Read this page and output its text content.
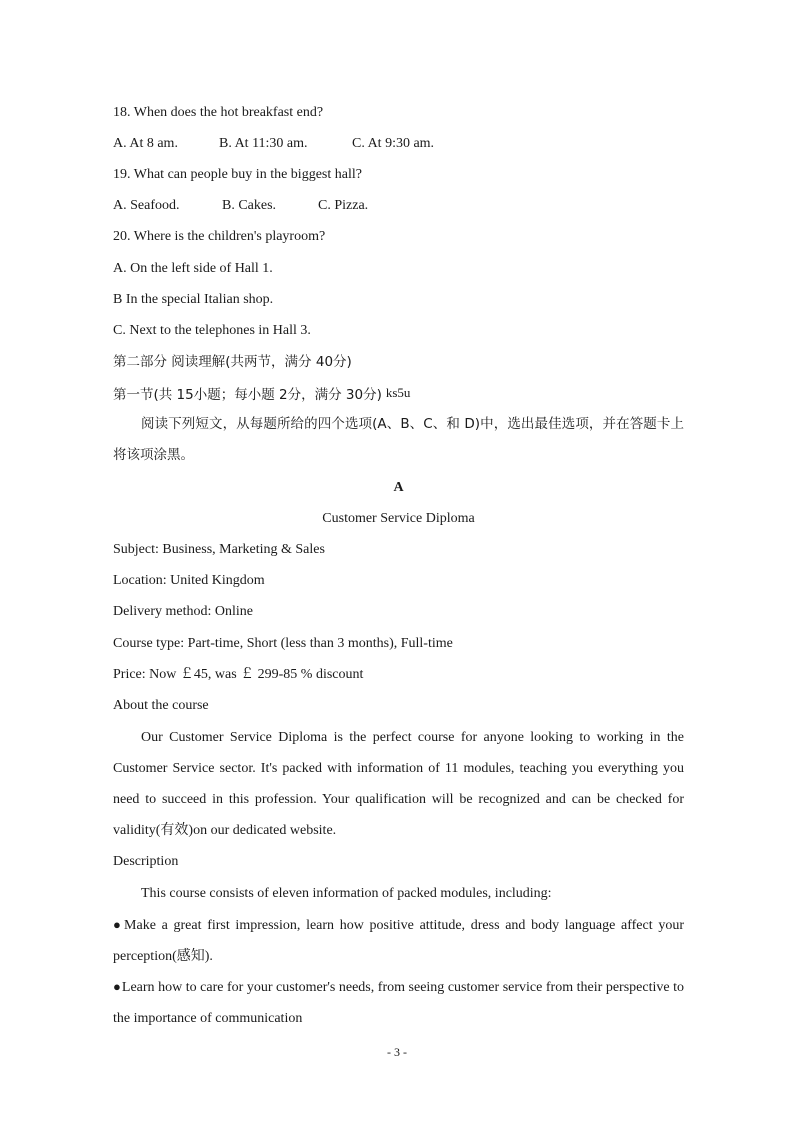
18. When does the hot breakfast end?
A. At 8 am.	B. At 11:30 am.	C. At 9:30 am.
19. What can people buy in the biggest hall?
A. Seafood.	B. Cakes.	C. Pizza.
20. Where is the children's playroom?
A. On the left side of Hall 1.
B In the special Italian shop.
C. Next to the telephones in Hall 3.
第二部分 阅读理解(共两节，满分 40分)
第一节(共 15小题；每小题 2分，满分 30分) ks5u
阅读下列短文，从每题所给的四个选项(A、B、C、和 D)中，选出最佳选项，并在答题卡上将该项涂黑。
A
Customer Service Diploma
Subject: Business, Marketing & Sales
Location: United Kingdom
Delivery method: Online
Course type: Part-time, Short (less than 3 months), Full-time
Price: Now ￡45, was ￡ 299-85 % discount
About the course
Our Customer Service Diploma is the perfect course for anyone looking to working in the Customer Service sector. It's packed with information of 11 modules, teaching you everything you need to succeed in this profession. Your qualification will be recognized and can be checked for validity(有效)on our dedicated website.
Description
This course consists of eleven information of packed modules, including:
●Make a great first impression, learn how positive attitude, dress and body language affect your perception(感知).
●Learn how to care for your customer's needs, from seeing customer service from their perspective to the importance of communication
- 3 -
